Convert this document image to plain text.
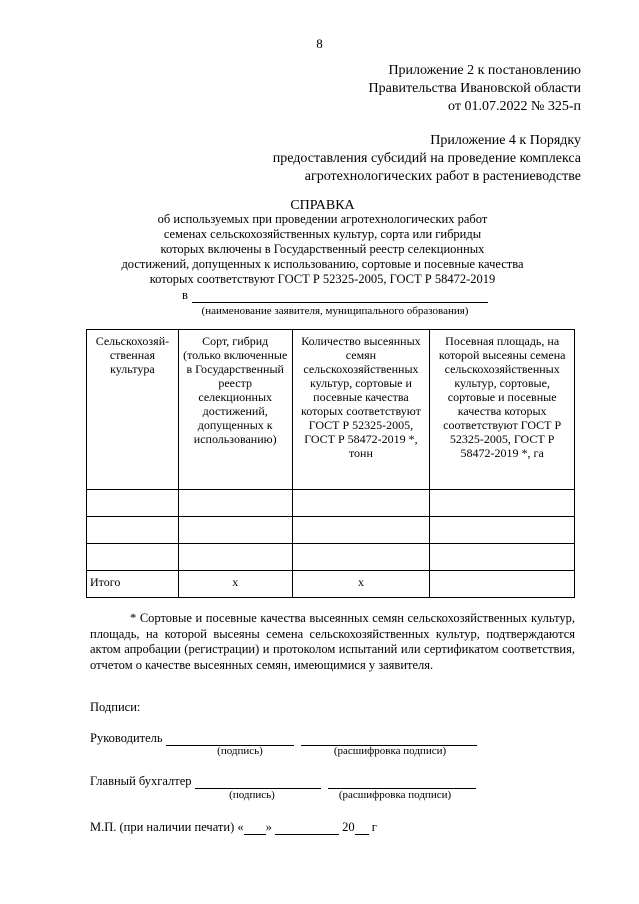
8
Приложение 2 к постановлению
Правительства Ивановской области
от 01.07.2022 № 325-п
Приложение 4 к Порядку
предоставления субсидий на проведение комплекса
агротехнологических работ в растениеводстве
СПРАВКА
об используемых при проведении агротехнологических работ
семенах сельскохозяйственных культур, сорта или гибриды
которых включены в Государственный реестр селекционных
достижений, допущенных к использованию, сортовые и посевные качества
которых соответствуют ГОСТ Р 52325-2005, ГОСТ Р 58472-2019
в
(наименование заявителя, муниципального образования)
Сельскохозяй-ственная культура	Сорт, гибрид (только включенные в Государственный реестр селекционных достижений, допущенных к использованию)	Количество высеянных семян сельскохозяйственных культур, сортовые и посевные качества которых соответствуют ГОСТ Р 52325-2005, ГОСТ Р 58472-2019 *, тонн	Посевная площадь, на которой высеяны семена сельскохозяйственных культур, сортовые, сортовые и посевные качества которых соответствуют ГОСТ Р 52325-2005, ГОСТ Р 58472-2019 *, га

Итого	x	x	
* Сортовые и посевные качества высеянных семян сельскохозяйственных культур, площадь, на которой высеяны семена сельскохозяйственных культур, подтверждаются актом апробации (регистрации) и протоколом испытаний или сертификатом соответствия, отчетом о качестве высеянных семян, имеющимися у заявителя.
Подписи:
Руководитель
(подпись)	(расшифровка подписи)
Главный бухгалтер
(подпись)	(расшифровка подписи)
М.П. (при наличии печати) « »	20 г
